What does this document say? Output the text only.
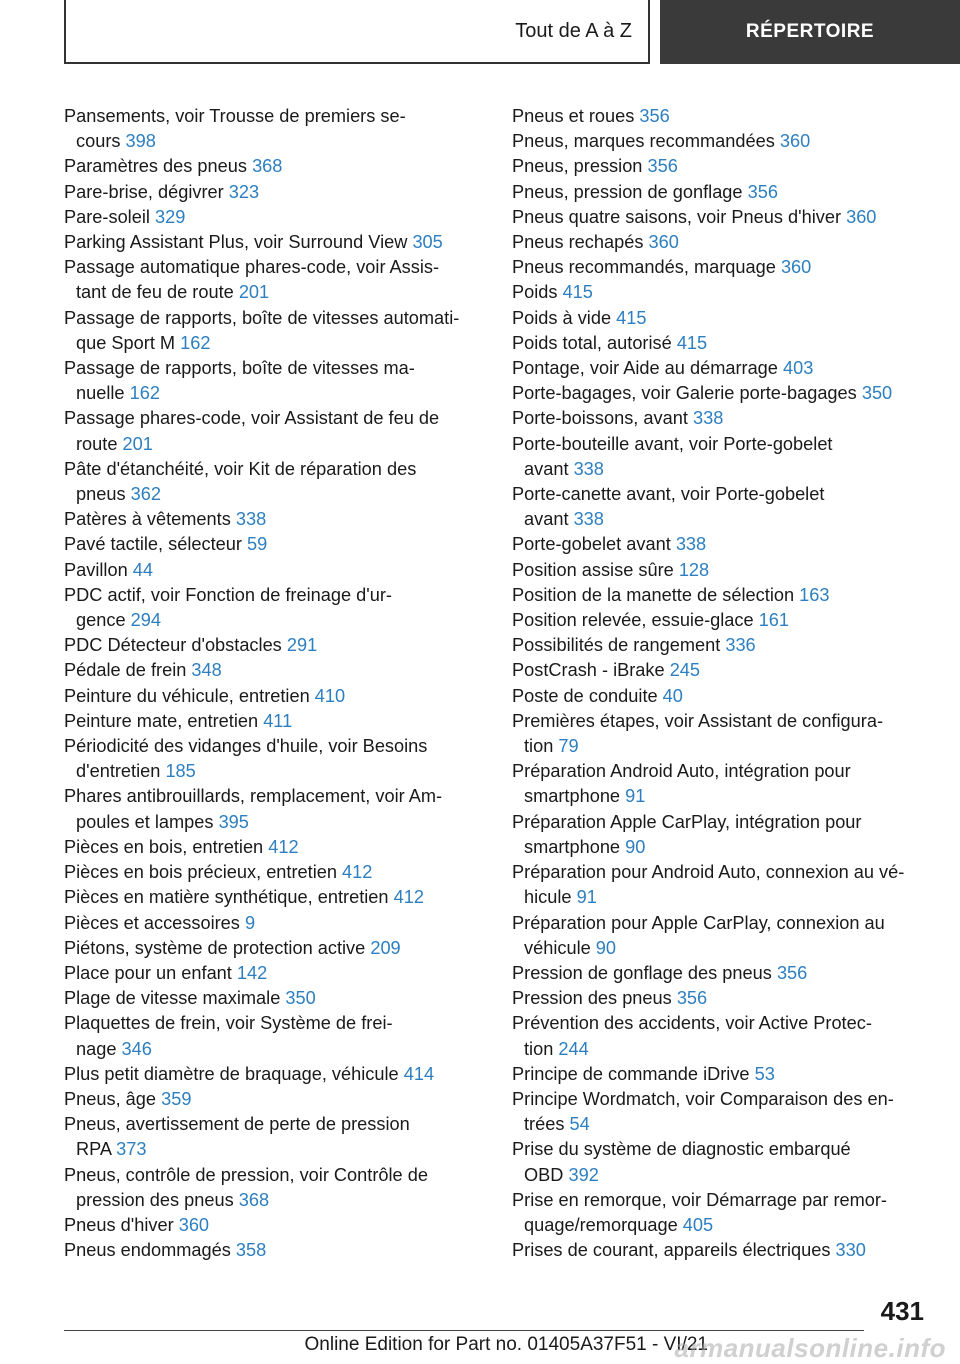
Tout de A à Z	RÉPERTOIRE
Pansements, voir Trousse de premiers se-
cours 398
Paramètres des pneus 368
Pare-brise, dégivrer 323
Pare-soleil 329
Parking Assistant Plus, voir Surround View 305
Passage automatique phares-code, voir Assis-
tant de feu de route 201
Passage de rapports, boîte de vitesses automati-
que Sport M 162
Passage de rapports, boîte de vitesses ma-
nuelle 162
Passage phares-code, voir Assistant de feu de
route 201
Pâte d'étanchéité, voir Kit de réparation des
pneus 362
Patères à vêtements 338
Pavé tactile, sélecteur 59
Pavillon 44
PDC actif, voir Fonction de freinage d'ur-
gence 294
PDC Détecteur d'obstacles 291
Pédale de frein 348
Peinture du véhicule, entretien 410
Peinture mate, entretien 411
Périodicité des vidanges d'huile, voir Besoins
d'entretien 185
Phares antibrouillards, remplacement, voir Am-
poules et lampes 395
Pièces en bois, entretien 412
Pièces en bois précieux, entretien 412
Pièces en matière synthétique, entretien 412
Pièces et accessoires 9
Piétons, système de protection active 209
Place pour un enfant 142
Plage de vitesse maximale 350
Plaquettes de frein, voir Système de frei-
nage 346
Plus petit diamètre de braquage, véhicule 414
Pneus, âge 359
Pneus, avertissement de perte de pression
RPA 373
Pneus, contrôle de pression, voir Contrôle de
pression des pneus 368
Pneus d'hiver 360
Pneus endommagés 358
Pneus et roues 356
Pneus, marques recommandées 360
Pneus, pression 356
Pneus, pression de gonflage 356
Pneus quatre saisons, voir Pneus d'hiver 360
Pneus rechapés 360
Pneus recommandés, marquage 360
Poids 415
Poids à vide 415
Poids total, autorisé 415
Pontage, voir Aide au démarrage 403
Porte-bagages, voir Galerie porte-bagages 350
Porte-boissons, avant 338
Porte-bouteille avant, voir Porte-gobelet
avant 338
Porte-canette avant, voir Porte-gobelet
avant 338
Porte-gobelet avant 338
Position assise sûre 128
Position de la manette de sélection 163
Position relevée, essuie-glace 161
Possibilités de rangement 336
PostCrash - iBrake 245
Poste de conduite 40
Premières étapes, voir Assistant de configura-
tion 79
Préparation Android Auto, intégration pour
smartphone 91
Préparation Apple CarPlay, intégration pour
smartphone 90
Préparation pour Android Auto, connexion au vé-
hicule 91
Préparation pour Apple CarPlay, connexion au
véhicule 90
Pression de gonflage des pneus 356
Pression des pneus 356
Prévention des accidents, voir Active Protec-
tion 244
Principe de commande iDrive 53
Principe Wordmatch, voir Comparaison des en-
trées 54
Prise du système de diagnostic embarqué
OBD 392
Prise en remorque, voir Démarrage par remor-
quage/remorquage 405
Prises de courant, appareils électriques 330
431
Online Edition for Part no. 01405A37F51 - VI/21
armanualsonline.info
